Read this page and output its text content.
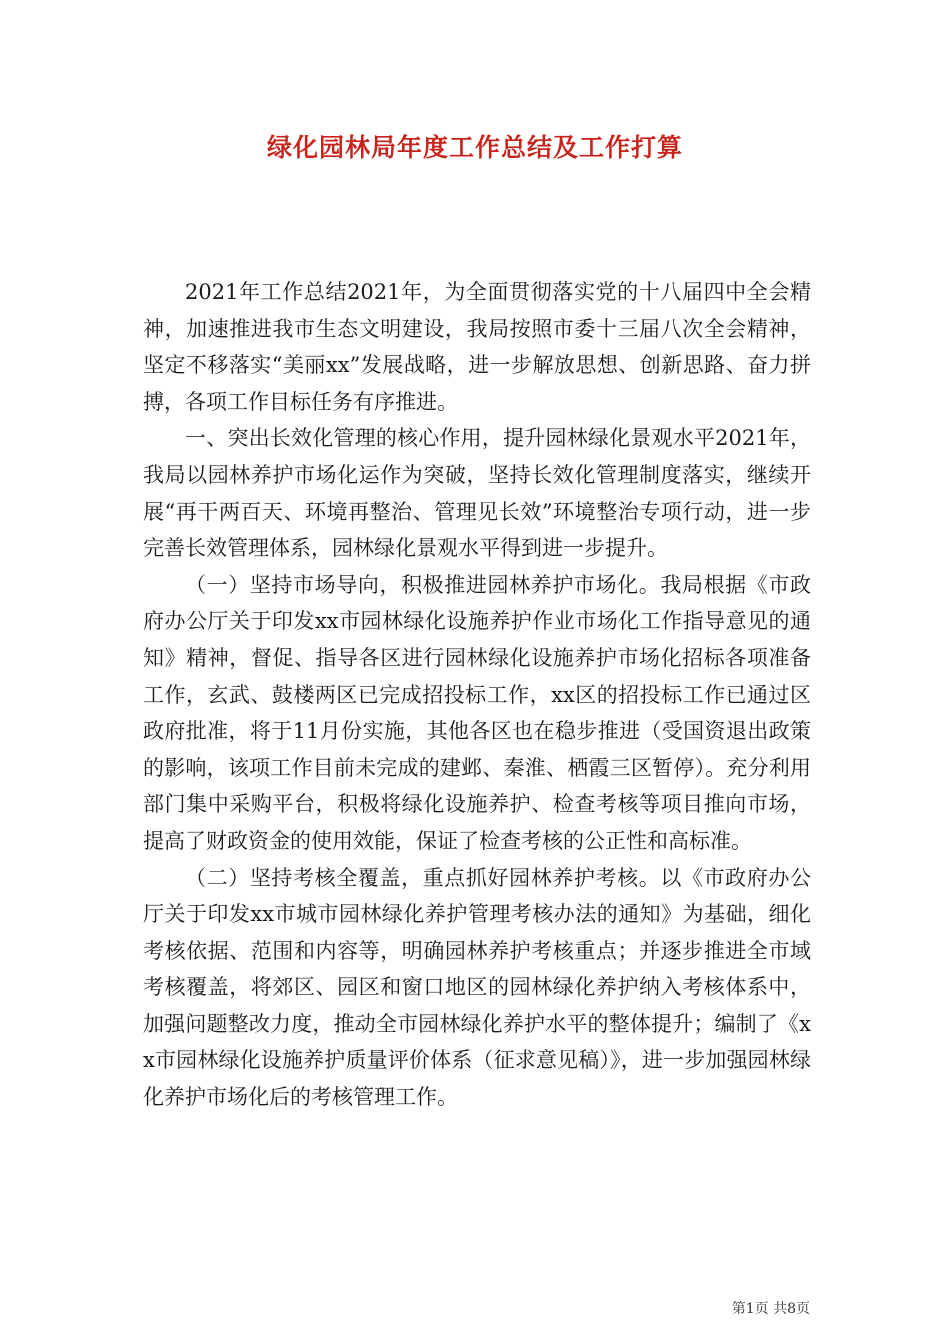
绿化园林局年度工作总结及工作打算

2021年工作总结2021年，为全面贯彻落实党的十八届四中全会精神，加速推进我市生态文明建设，我局按照市委十三届八次全会精神，坚定不移落实“美丽xx”发展战略，进一步解放思想、创新思路、奋力拼搏，各项工作目标任务有序推进。

一、突出长效化管理的核心作用，提升园林绿化景观水平2021年，我局以园林养护市场化运作为突破，坚持长效化管理制度落实，继续开展“再干两百天、环境再整治、管理见长效”环境整治专项行动，进一步完善长效管理体系，园林绿化景观水平得到进一步提升。

（一）坚持市场导向，积极推进园林养护市场化。我局根据《市政府办公厅关于印发xx市园林绿化设施养护作业市场化工作指导意见的通知》精神，督促、指导各区进行园林绿化设施养护市场化招标各项准备工作，玄武、鼓楼两区已完成招投标工作，xx区的招投标工作已通过区政府批准，将于11月份实施，其他各区也在稳步推进（受国资退出政策的影响，该项工作目前未完成的建邺、秦淮、栖霞三区暂停）。充分利用部门集中采购平台，积极将绿化设施养护、检查考核等项目推向市场，提高了财政资金的使用效能，保证了检查考核的公正性和高标准。

（二）坚持考核全覆盖，重点抓好园林养护考核。以《市政府办公厅关于印发xx市城市园林绿化养护管理考核办法的通知》为基础，细化考核依据、范围和内容等，明确园林养护考核重点；并逐步推进全市域考核覆盖，将郊区、园区和窗口地区的园林绿化养护纳入考核体系中，加强问题整改力度，推动全市园林绿化养护水平的整体提升；编制了《xx市园林绿化设施养护质量评价体系（征求意见稿）》，进一步加强园林绿化养护市场化后的考核管理工作。

第1页 共8页
